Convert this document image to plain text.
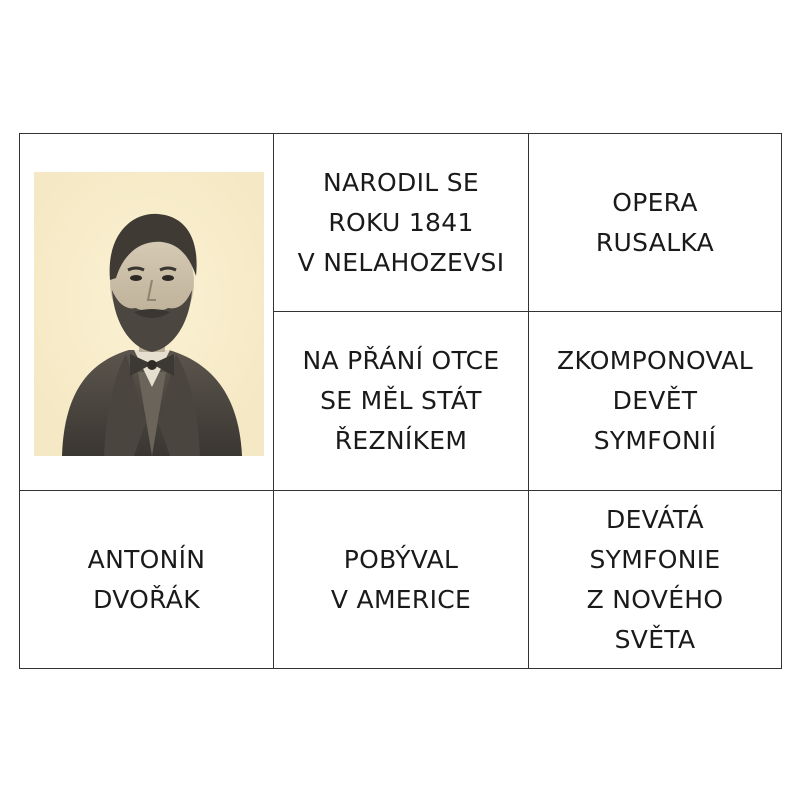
NARODIL SE
ROKU 1841
V NELAHOZEVSI
OPERA
RUSALKA
NA PŘÁNÍ OTCE
SE MĚL STÁT
ŘEZNÍKEM
ZKOMPONOVAL
DEVĚT
SYMFONIÍ
ANTONÍN
DVOŘÁK
POBÝVAL
V AMERICE
DEVÁTÁ
SYMFONIE
Z NOVÉHO
SVĚTA
